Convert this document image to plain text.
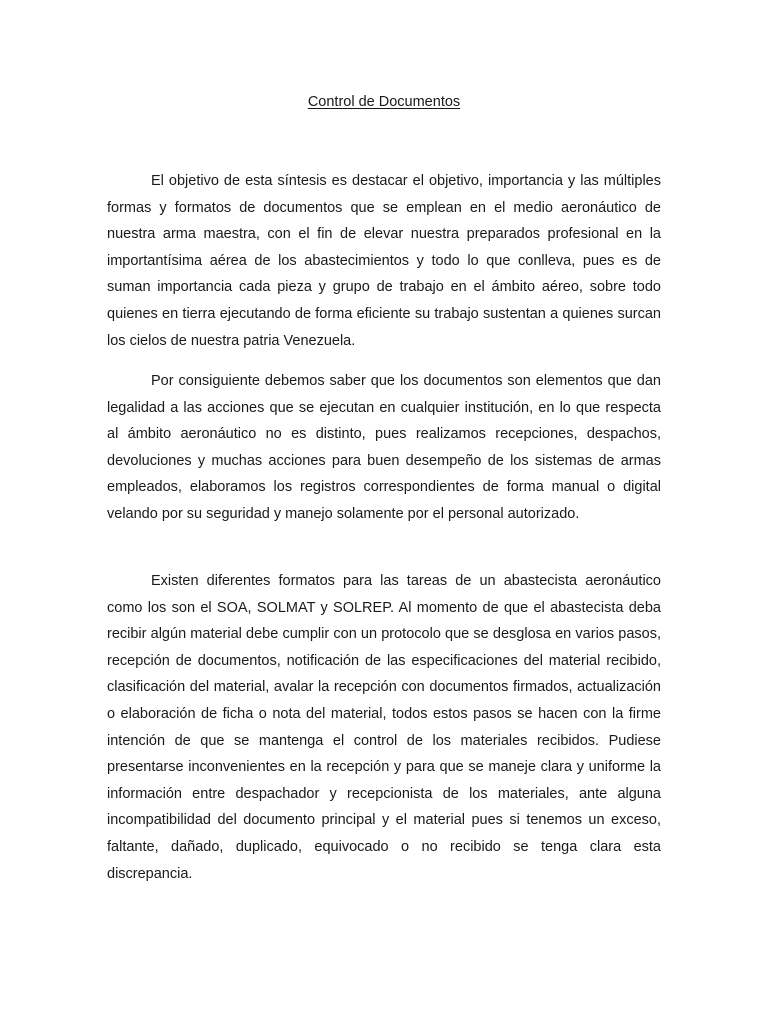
Control de Documentos

El objetivo de esta síntesis es destacar el objetivo, importancia y las múltiples formas y formatos de documentos que se emplean en el medio aeronáutico de nuestra arma maestra, con el fin de elevar nuestra preparados profesional en la importantísima aérea de los abastecimientos y todo lo que conlleva, pues es de suman importancia cada pieza y grupo de trabajo en el ámbito aéreo, sobre todo quienes en tierra ejecutando de forma eficiente su trabajo sustentan a quienes surcan los cielos de nuestra patria Venezuela.

Por consiguiente debemos saber que los documentos son elementos que dan legalidad a las acciones que se ejecutan en cualquier institución, en lo que respecta al ámbito aeronáutico no es distinto, pues realizamos recepciones, despachos, devoluciones y muchas acciones para buen desempeño de los sistemas de armas empleados, elaboramos los registros correspondientes de forma manual o digital velando por su seguridad y manejo solamente por el personal autorizado.

Existen diferentes formatos para las tareas de un abastecista aeronáutico como los son el SOA, SOLMAT y SOLREP. Al momento de que el abastecista deba recibir algún material debe cumplir con un protocolo que se desglosa en varios pasos, recepción de documentos, notificación de las especificaciones del material recibido, clasificación del material, avalar la recepción con documentos firmados, actualización o elaboración de ficha o nota del material, todos estos pasos se hacen con la firme intención de que se mantenga el control de los materiales recibidos. Pudiese presentarse inconvenientes en la recepción y para que se maneje clara y uniforme la información entre despachador y recepcionista de los materiales, ante alguna incompatibilidad del documento principal y el material pues si tenemos un exceso, faltante, dañado, duplicado, equivocado o no recibido se tenga clara esta discrepancia.
